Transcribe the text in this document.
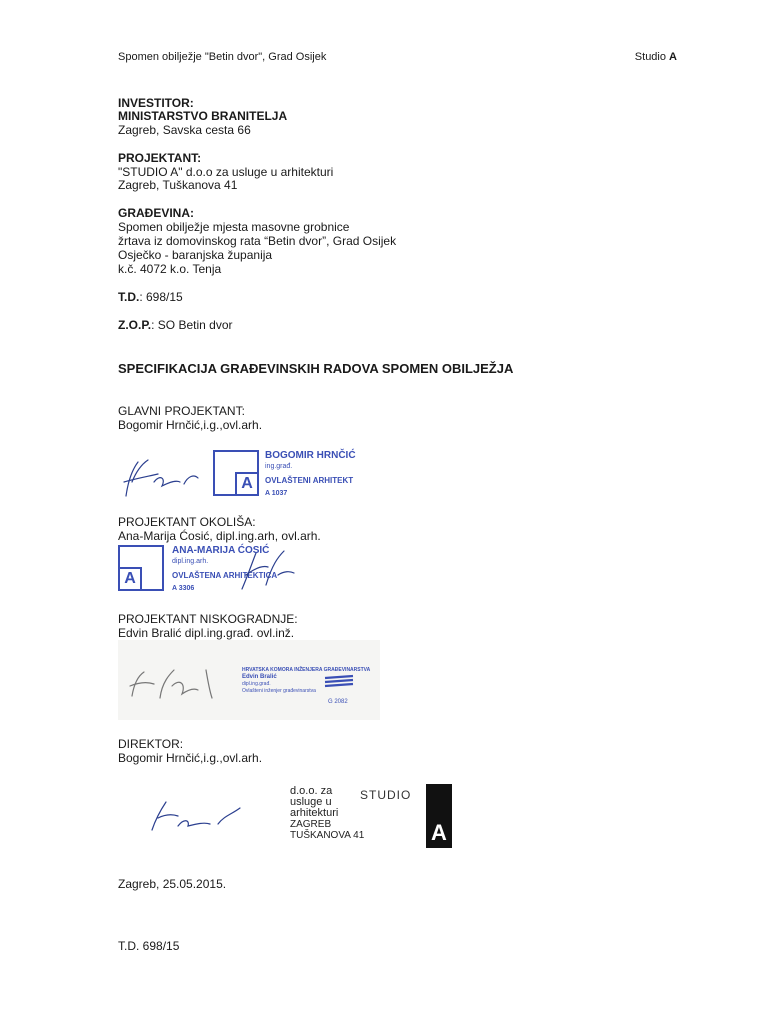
Spomen obilježje "Betin dvor", Grad Osijek	Studio A
INVESTITOR:
MINISTARSTVO BRANITELJA
Zagreb, Savska cesta 66
PROJEKTANT:
"STUDIO A" d.o.o za usluge u arhitekturi
Zagreb, Tuškanova 41
GRAĐEVINA:
Spomen obilježje mjesta masovne grobnice
žrtava iz domovinskog rata “Betin dvor”, Grad Osijek
Osječko - baranjska županija
k.č. 4072 k.o. Tenja
T.D.: 698/15
Z.O.P.: SO Betin dvor
SPECIFIKACIJA GRAĐEVINSKIH RADOVA SPOMEN OBILJEŽJA
GLAVNI PROJEKTANT:
Bogomir Hrnčić,i.g.,ovl.arh.
A
BOGOMIR HRNČIĆ
ing.građ.
OVLAŠTENI ARHITEKT
A 1037
PROJEKTANT OKOLIŠA:
Ana-Marija Ćosić, dipl.ing.arh, ovl.arh.
A
ANA-MARIJA ĆOSIĆ
dipl.ing.arh.
OVLAŠTENA ARHITEKTICA
A 3306
PROJEKTANT NISKOGRADNJE:
Edvin Bralić dipl.ing.građ. ovl.inž.
HRVATSKA KOMORA INŽENJERA GRAĐEVINARSTVA
Edvin Bralić
dipl.ing.građ.
Ovlašteni inženjer građevinarstva
G 2082
DIREKTOR:
Bogomir Hrnčić,i.g.,ovl.arh.
d.o.o. za
usluge u
arhitekturi
ZAGREB
TUŠKANOVA 41
STUDIO
A
Zagreb, 25.05.2015.
T.D. 698/15
